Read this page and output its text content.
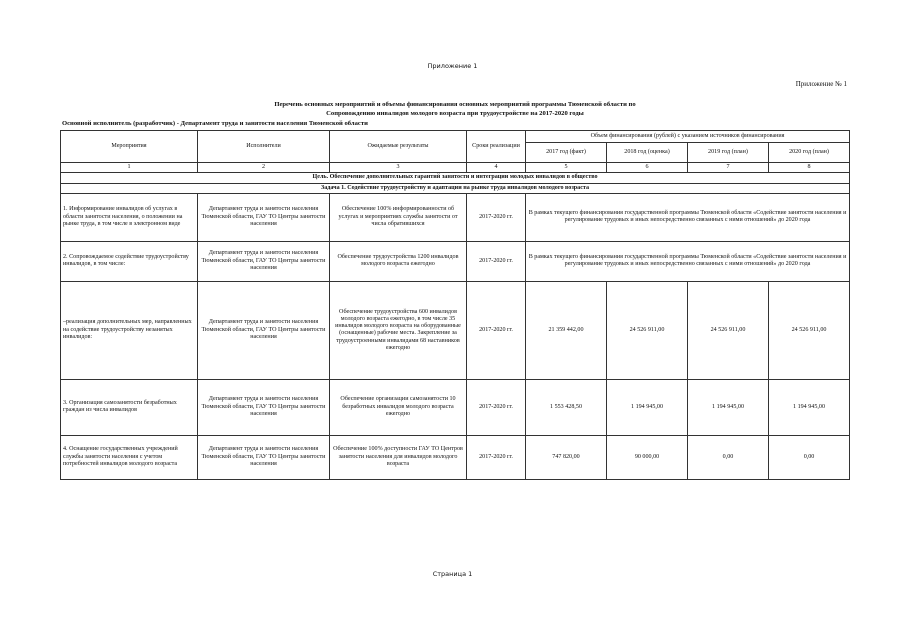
Приложение 1
Приложение № 1
Перечень основных мероприятий и объемы финансирования основных мероприятий программы Тюменской области по
Сопровождению инвалидов молодого возраста при трудоустройстве на 2017-2020 годы
Основной исполнитель (разработчик) - Департамент труда и занятости населения Тюменской области
Мероприятия	Исполнители	Ожидаемые результаты	Сроки реализации	Объем финансирования (рублей) с указанием источников финансирования			
				2017 год (факт)	2018 год (оценка)	2019 год (план)	2020 год (план)
1	2	3	4	5	6	7	8
Цель. Обеспечение дополнительных гарантий занятости и интеграции молодых инвалидов в общество							
Задача 1. Содействие трудоустройству и адаптации на рынке труда инвалидов молодого возраста							
1. Информирование инвалидов об услугах в области занятости населения, о положении на рынке труда, в том числе в электронном виде	Департамент труда и занятости населения Тюменской области, ГАУ ТО Центры занятости населения	Обеспечение 100% информированности об услугах и мероприятиях службы занятости от числа обратившихся	2017-2020 гг.	В рамках текущего финансирования государственной программы Тюменской области «Содействие занятости населения и регулирование трудовых и иных непосредственно связанных с ними отношений» до 2020 года			
2. Сопровождаемое содействие трудоустройству инвалидов, в том числе:	Департамент труда и занятости населения Тюменской области, ГАУ ТО Центры занятости населения	Обеспечение трудоустройства 1200 инвалидов молодого возраста ежегодно	2017-2020 гг.	В рамках текущего финансирования государственной программы Тюменской области «Содействие занятости населения и регулирование трудовых и иных непосредственно связанных с ними отношений» до 2020 года			
–реализация дополнительных мер, направленных на содействие трудоустройству незанятых инвалидов:	Департамент труда и занятости населения Тюменской области, ГАУ ТО Центры занятости населения	Обеспечение трудоустройства 600 инвалидов молодого возраста ежегодно, в том числе 35 инвалидов молодого возраста на оборудованные (оснащенные) рабочие места. Закрепление за трудоустроенными инвалидами 68 наставников ежегодно	2017-2020 гг.	21 359 442,00	24 526 911,00	24 526 911,00	24 526 911,00
3. Организация самозанятости безработных граждан из числа инвалидов	Департамент труда и занятости населения Тюменской области, ГАУ ТО Центры занятости населения	Обеспечение организации самозанятости 10 безработных инвалидов молодого возраста ежегодно	2017-2020 гг.	1 553 428,50	1 194 945,00	1 194 945,00	1 194 945,00
4. Оснащение государственных учреждений службы занятости населения с учетом потребностей инвалидов молодого возраста	Департамент труда и занятости населения Тюменской области, ГАУ ТО Центры занятости населения	Обеспечение 100% доступности ГАУ ТО Центров занятости населения для инвалидов молодого возраста	2017-2020 гг.	747 820,00	90 000,00	0,00	0,00
Страница 1
